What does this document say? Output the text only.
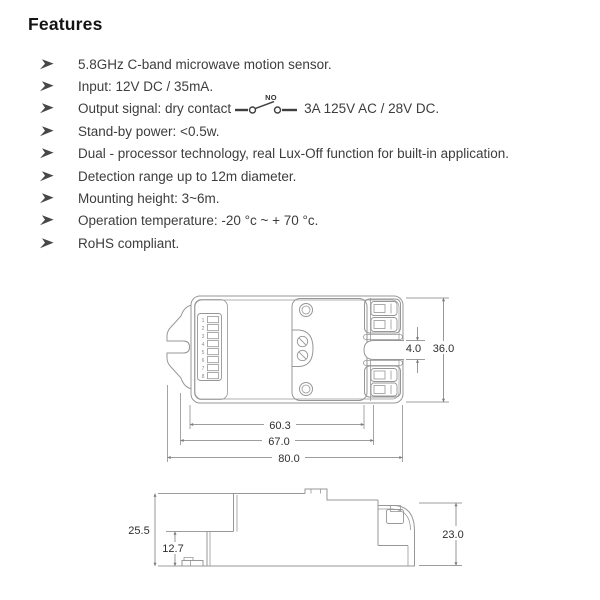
Features
5.8GHz C-band microwave motion sensor.
Input: 12V DC / 35mA.
Output signal: dry contact
NO
3A 125V AC / 28V DC.
Stand-by power: <0.5w.
Dual - processor technology, real Lux-Off function for built-in application.
Detection range up to 12m diameter.
Mounting height: 3~6m.
Operation temperature: -20 °c ~ + 70 °c.
RoHS compliant.
1
2
3
4
5
6
7
8
4.0 36.0
60.3
67.0
80.0
25.5
12.7
23.0
